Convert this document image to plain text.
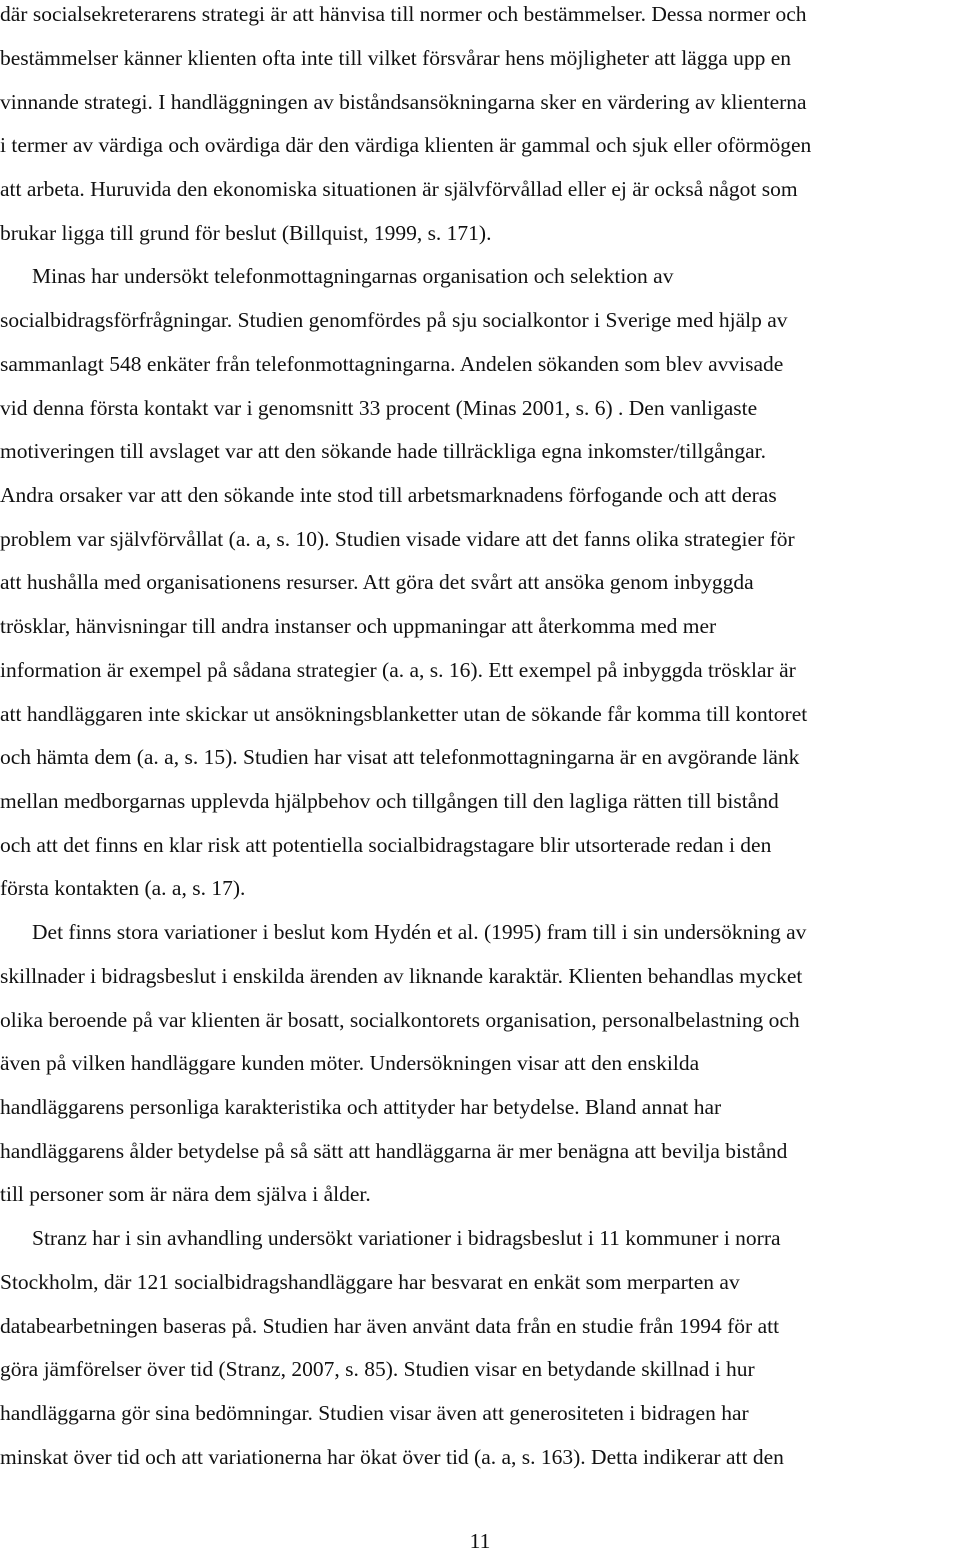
där socialsekreterarens strategi är att hänvisa till normer och bestämmelser. Dessa normer och

bestämmelser känner klienten ofta inte till vilket försvårar hens möjligheter att lägga upp en

vinnande strategi. I handläggningen av biståndsansökningarna sker en värdering av klienterna

i termer av värdiga och ovärdiga där den värdiga klienten är gammal och sjuk eller oförmögen

att arbeta. Huruvida den ekonomiska situationen är självförvållad eller ej är också något som

brukar ligga till grund för beslut (Billquist, 1999, s. 171).

Minas har undersökt telefonmottagningarnas organisation och selektion av

socialbidragsförfrågningar. Studien genomfördes på sju socialkontor i Sverige med hjälp av

sammanlagt 548 enkäter från telefonmottagningarna. Andelen sökanden som blev avvisade

vid denna första kontakt var i genomsnitt 33 procent (Minas 2001, s. 6) . Den vanligaste

motiveringen till avslaget var att den sökande hade tillräckliga egna inkomster/tillgångar.

Andra orsaker var att den sökande inte stod till arbetsmarknadens förfogande och att deras

problem var självförvållat (a. a, s. 10). Studien visade vidare att det fanns olika strategier för

att hushålla med organisationens resurser. Att göra det svårt att ansöka genom inbyggda

trösklar, hänvisningar till andra instanser och uppmaningar att återkomma med mer

information är exempel på sådana strategier (a. a, s. 16). Ett exempel på inbyggda trösklar är

att handläggaren inte skickar ut ansökningsblanketter utan de sökande får komma till kontoret

och hämta dem (a. a, s. 15). Studien har visat att telefonmottagningarna är en avgörande länk

mellan medborgarnas upplevda hjälpbehov och tillgången till den lagliga rätten till bistånd

och att det finns en klar risk att potentiella socialbidragstagare blir utsorterade redan i den

första kontakten (a. a, s. 17).

Det finns stora variationer i beslut kom Hydén et al. (1995) fram till i sin undersökning av

skillnader i bidragsbeslut i enskilda ärenden av liknande karaktär. Klienten behandlas mycket

olika beroende på var klienten är bosatt, socialkontorets organisation, personalbelastning och

även på vilken handläggare kunden möter. Undersökningen visar att den enskilda

handläggarens personliga karakteristika och attityder har betydelse. Bland annat har

handläggarens ålder betydelse på så sätt att handläggarna är mer benägna att bevilja bistånd

till personer som är nära dem själva i ålder.

Stranz har i sin avhandling undersökt variationer i bidragsbeslut i 11 kommuner i norra

Stockholm, där 121 socialbidragshandläggare har besvarat en enkät som merparten av

databearbetningen baseras på. Studien har även använt data från en studie från 1994 för att

göra jämförelser över tid (Stranz, 2007, s. 85). Studien visar en betydande skillnad i hur

handläggarna gör sina bedömningar. Studien visar även att generositeten i bidragen har

minskat över tid och att variationerna har ökat över tid (a. a, s. 163). Detta indikerar att den

11
